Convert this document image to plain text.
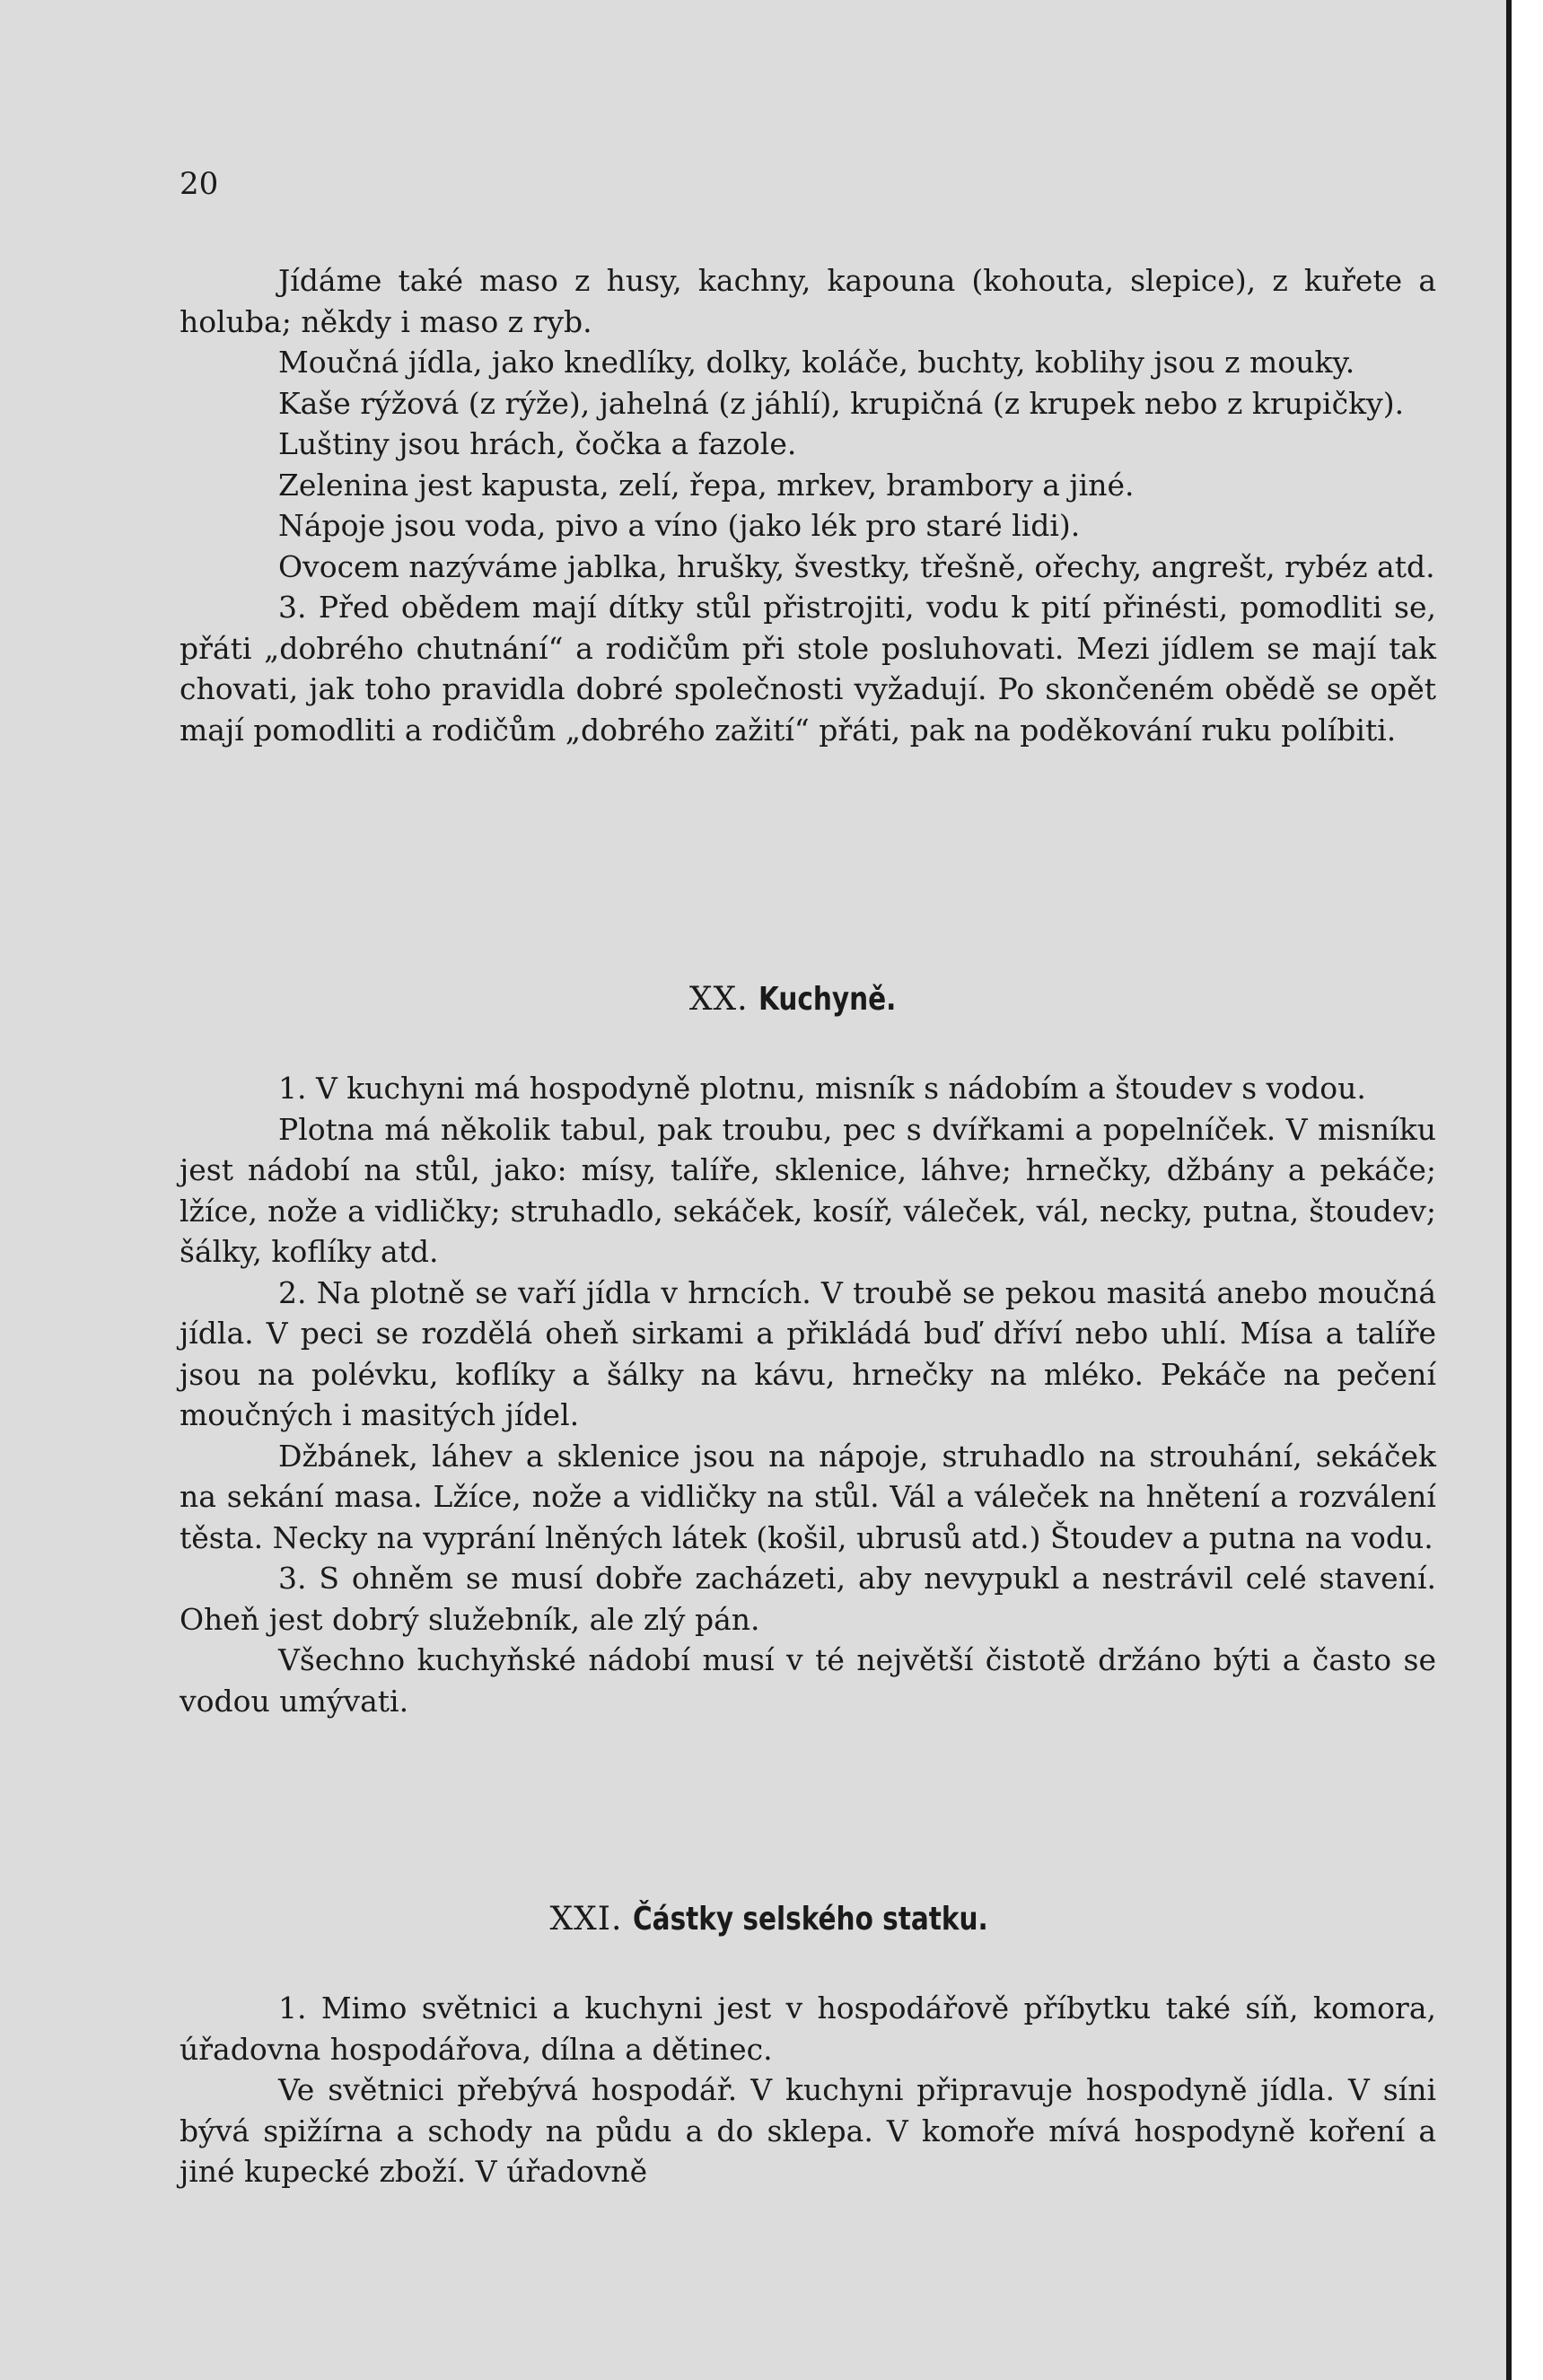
20

Jídáme také maso z husy, kachny, kapouna (kohouta, slepice), z kuřete a holuba; někdy i maso z ryb.

Moučná jídla, jako knedlíky, dolky, koláče, buchty, koblihy jsou z mouky.

Kaše rýžová (z rýže), jahelná (z jáhlí), krupičná (z krupek nebo z krupičky).

Luštiny jsou hrách, čočka a fazole.

Zelenina jest kapusta, zelí, řepa, mrkev, brambory a jiné.

Nápoje jsou voda, pivo a víno (jako lék pro staré lidi).

Ovocem nazýváme jablka, hrušky, švestky, třešně, ořechy, angrešt, rybéz atd.

3. Před obědem mají dítky stůl přistrojiti, vodu k pití přinésti, pomodliti se, přáti „dobrého chutnání“ a rodičům při stole posluhovati. Mezi jídlem se mají tak chovati, jak toho pravidla dobré společnosti vyžadují. Po skončeném obědě se opět mají pomodliti a rodičům „dobrého zažití“ přáti, pak na poděkování ruku políbiti.

XX. Kuchyně.

1. V kuchyni má hospodyně plotnu, misník s nádobím a štoudev s vodou.

Plotna má několik tabul, pak troubu, pec s dvířkami a popelníček. V misníku jest nádobí na stůl, jako: mísy, talíře, sklenice, láhve; hrnečky, džbány a pekáče; lžíce, nože a vidličky; struhadlo, sekáček, kosíř, váleček, vál, necky, putna, štoudev; šálky, koflíky atd.

2. Na plotně se vaří jídla v hrncích. V troubě se pekou masitá anebo moučná jídla. V peci se rozdělá oheň sirkami a přikládá buď dříví nebo uhlí. Mísa a talíře jsou na polévku, koflíky a šálky na kávu, hrnečky na mléko. Pekáče na pečení moučných i masitých jídel.

Džbánek, láhev a sklenice jsou na nápoje, struhadlo na strouhání, sekáček na sekání masa. Lžíce, nože a vidličky na stůl. Vál a váleček na hnětení a rozválení těsta. Necky na vyprání lněných látek (košil, ubrusů atd.) Štoudev a putna na vodu.

3. S ohněm se musí dobře zacházeti, aby nevypukl a nestrávil celé stavení. Oheň jest dobrý služebník, ale zlý pán.

Všechno kuchyňské nádobí musí v té největší čistotě držáno býti a často se vodou umývati.

XXI. Částky selského statku.

1. Mimo světnici a kuchyni jest v hospodářově příbytku také síň, komora, úřadovna hospodářova, dílna a dětinec.

Ve světnici přebývá hospodář. V kuchyni připravuje hospodyně jídla. V síni bývá spižírna a schody na půdu a do sklepa. V komoře mívá hospodyně koření a jiné kupecké zboží. V úřadovně
